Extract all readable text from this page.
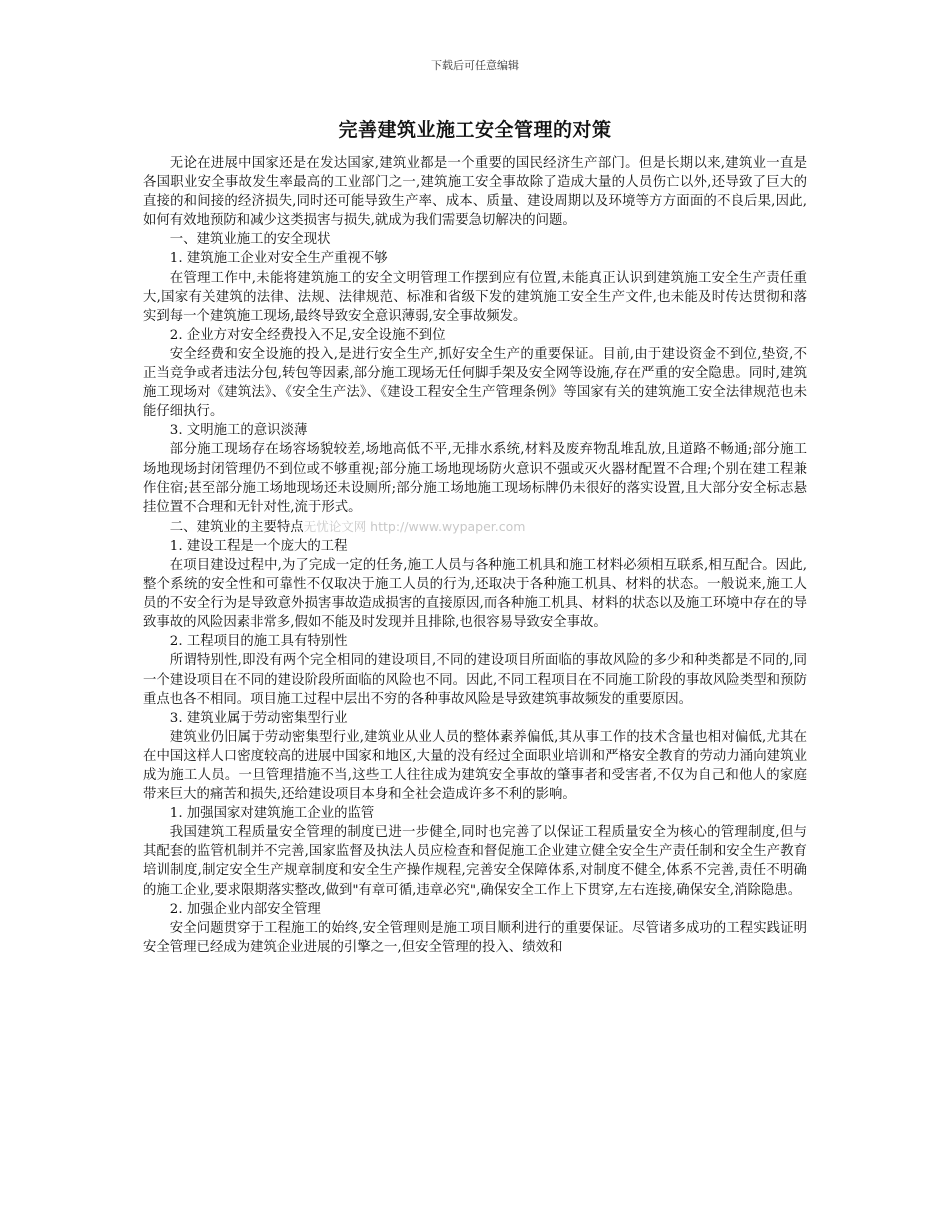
下载后可任意编辑
完善建筑业施工安全管理的对策

无论在进展中国家还是在发达国家,建筑业都是一个重要的国民经济生产部门。但是长期以来,建筑业一直是各国职业安全事故发生率最高的工业部门之一,建筑施工安全事故除了造成大量的人员伤亡以外,还导致了巨大的直接的和间接的经济损失,同时还可能导致生产率、成本、质量、建设周期以及环境等方方面面的不良后果,因此,如何有效地预防和减少这类损害与损失,就成为我们需要急切解决的问题。

一、建筑业施工的安全现状

1. 建筑施工企业对安全生产重视不够

在管理工作中,未能将建筑施工的安全文明管理工作摆到应有位置,未能真正认识到建筑施工安全生产责任重大,国家有关建筑的法律、法规、法律规范、标准和省级下发的建筑施工安全生产文件,也未能及时传达贯彻和落实到每一个建筑施工现场,最终导致安全意识薄弱,安全事故频发。

2. 企业方对安全经费投入不足,安全设施不到位

安全经费和安全设施的投入,是进行安全生产,抓好安全生产的重要保证。目前,由于建设资金不到位,垫资,不正当竞争或者违法分包,转包等因素,部分施工现场无任何脚手架及安全网等设施,存在严重的安全隐患。同时,建筑施工现场对《建筑法》、《安全生产法》、《建设工程安全生产管理条例》等国家有关的建筑施工安全法律规范也未能仔细执行。

3. 文明施工的意识淡薄

部分施工现场存在场容场貌较差,场地高低不平,无排水系统,材料及废弃物乱堆乱放,且道路不畅通;部分施工场地现场封闭管理仍不到位或不够重视;部分施工场地现场防火意识不强或灭火器材配置不合理;个别在建工程兼作住宿;甚至部分施工场地现场还未设厕所;部分施工场地施工现场标牌仍未很好的落实设置,且大部分安全标志悬挂位置不合理和无针对性,流于形式。

二、建筑业的主要特点无忧论文网 http://www.wypaper.com

1. 建设工程是一个庞大的工程

在项目建设过程中,为了完成一定的任务,施工人员与各种施工机具和施工材料必须相互联系,相互配合。因此,整个系统的安全性和可靠性不仅取决于施工人员的行为,还取决于各种施工机具、材料的状态。一般说来,施工人员的不安全行为是导致意外损害事故造成损害的直接原因,而各种施工机具、材料的状态以及施工环境中存在的导致事故的风险因素非常多,假如不能及时发现并且排除,也很容易导致安全事故。

2. 工程项目的施工具有特别性

所谓特别性,即没有两个完全相同的建设项目,不同的建设项目所面临的事故风险的多少和种类都是不同的,同一个建设项目在不同的建设阶段所面临的风险也不同。因此,不同工程项目在不同施工阶段的事故风险类型和预防重点也各不相同。项目施工过程中层出不穷的各种事故风险是导致建筑事故频发的重要原因。

3. 建筑业属于劳动密集型行业

建筑业仍旧属于劳动密集型行业,建筑业从业人员的整体素养偏低,其从事工作的技术含量也相对偏低,尤其在在中国这样人口密度较高的进展中国家和地区,大量的没有经过全面职业培训和严格安全教育的劳动力涌向建筑业成为施工人员。一旦管理措施不当,这些工人往往成为建筑安全事故的肇事者和受害者,不仅为自己和他人的家庭带来巨大的痛苦和损失,还给建设项目本身和全社会造成许多不利的影响。

1. 加强国家对建筑施工企业的监管

我国建筑工程质量安全管理的制度已进一步健全,同时也完善了以保证工程质量安全为核心的管理制度,但与其配套的监管机制并不完善,国家监督及执法人员应检查和督促施工企业建立健全安全生产责任制和安全生产教育培训制度,制定安全生产规章制度和安全生产操作规程,完善安全保障体系,对制度不健全,体系不完善,责任不明确的施工企业,要求限期落实整改,做到"有章可循,违章必究",确保安全工作上下贯穿,左右连接,确保安全,消除隐患。

2. 加强企业内部安全管理

安全问题贯穿于工程施工的始终,安全管理则是施工项目顺利进行的重要保证。尽管诸多成功的工程实践证明安全管理已经成为建筑企业进展的引擎之一,但安全管理的投入、绩效和
